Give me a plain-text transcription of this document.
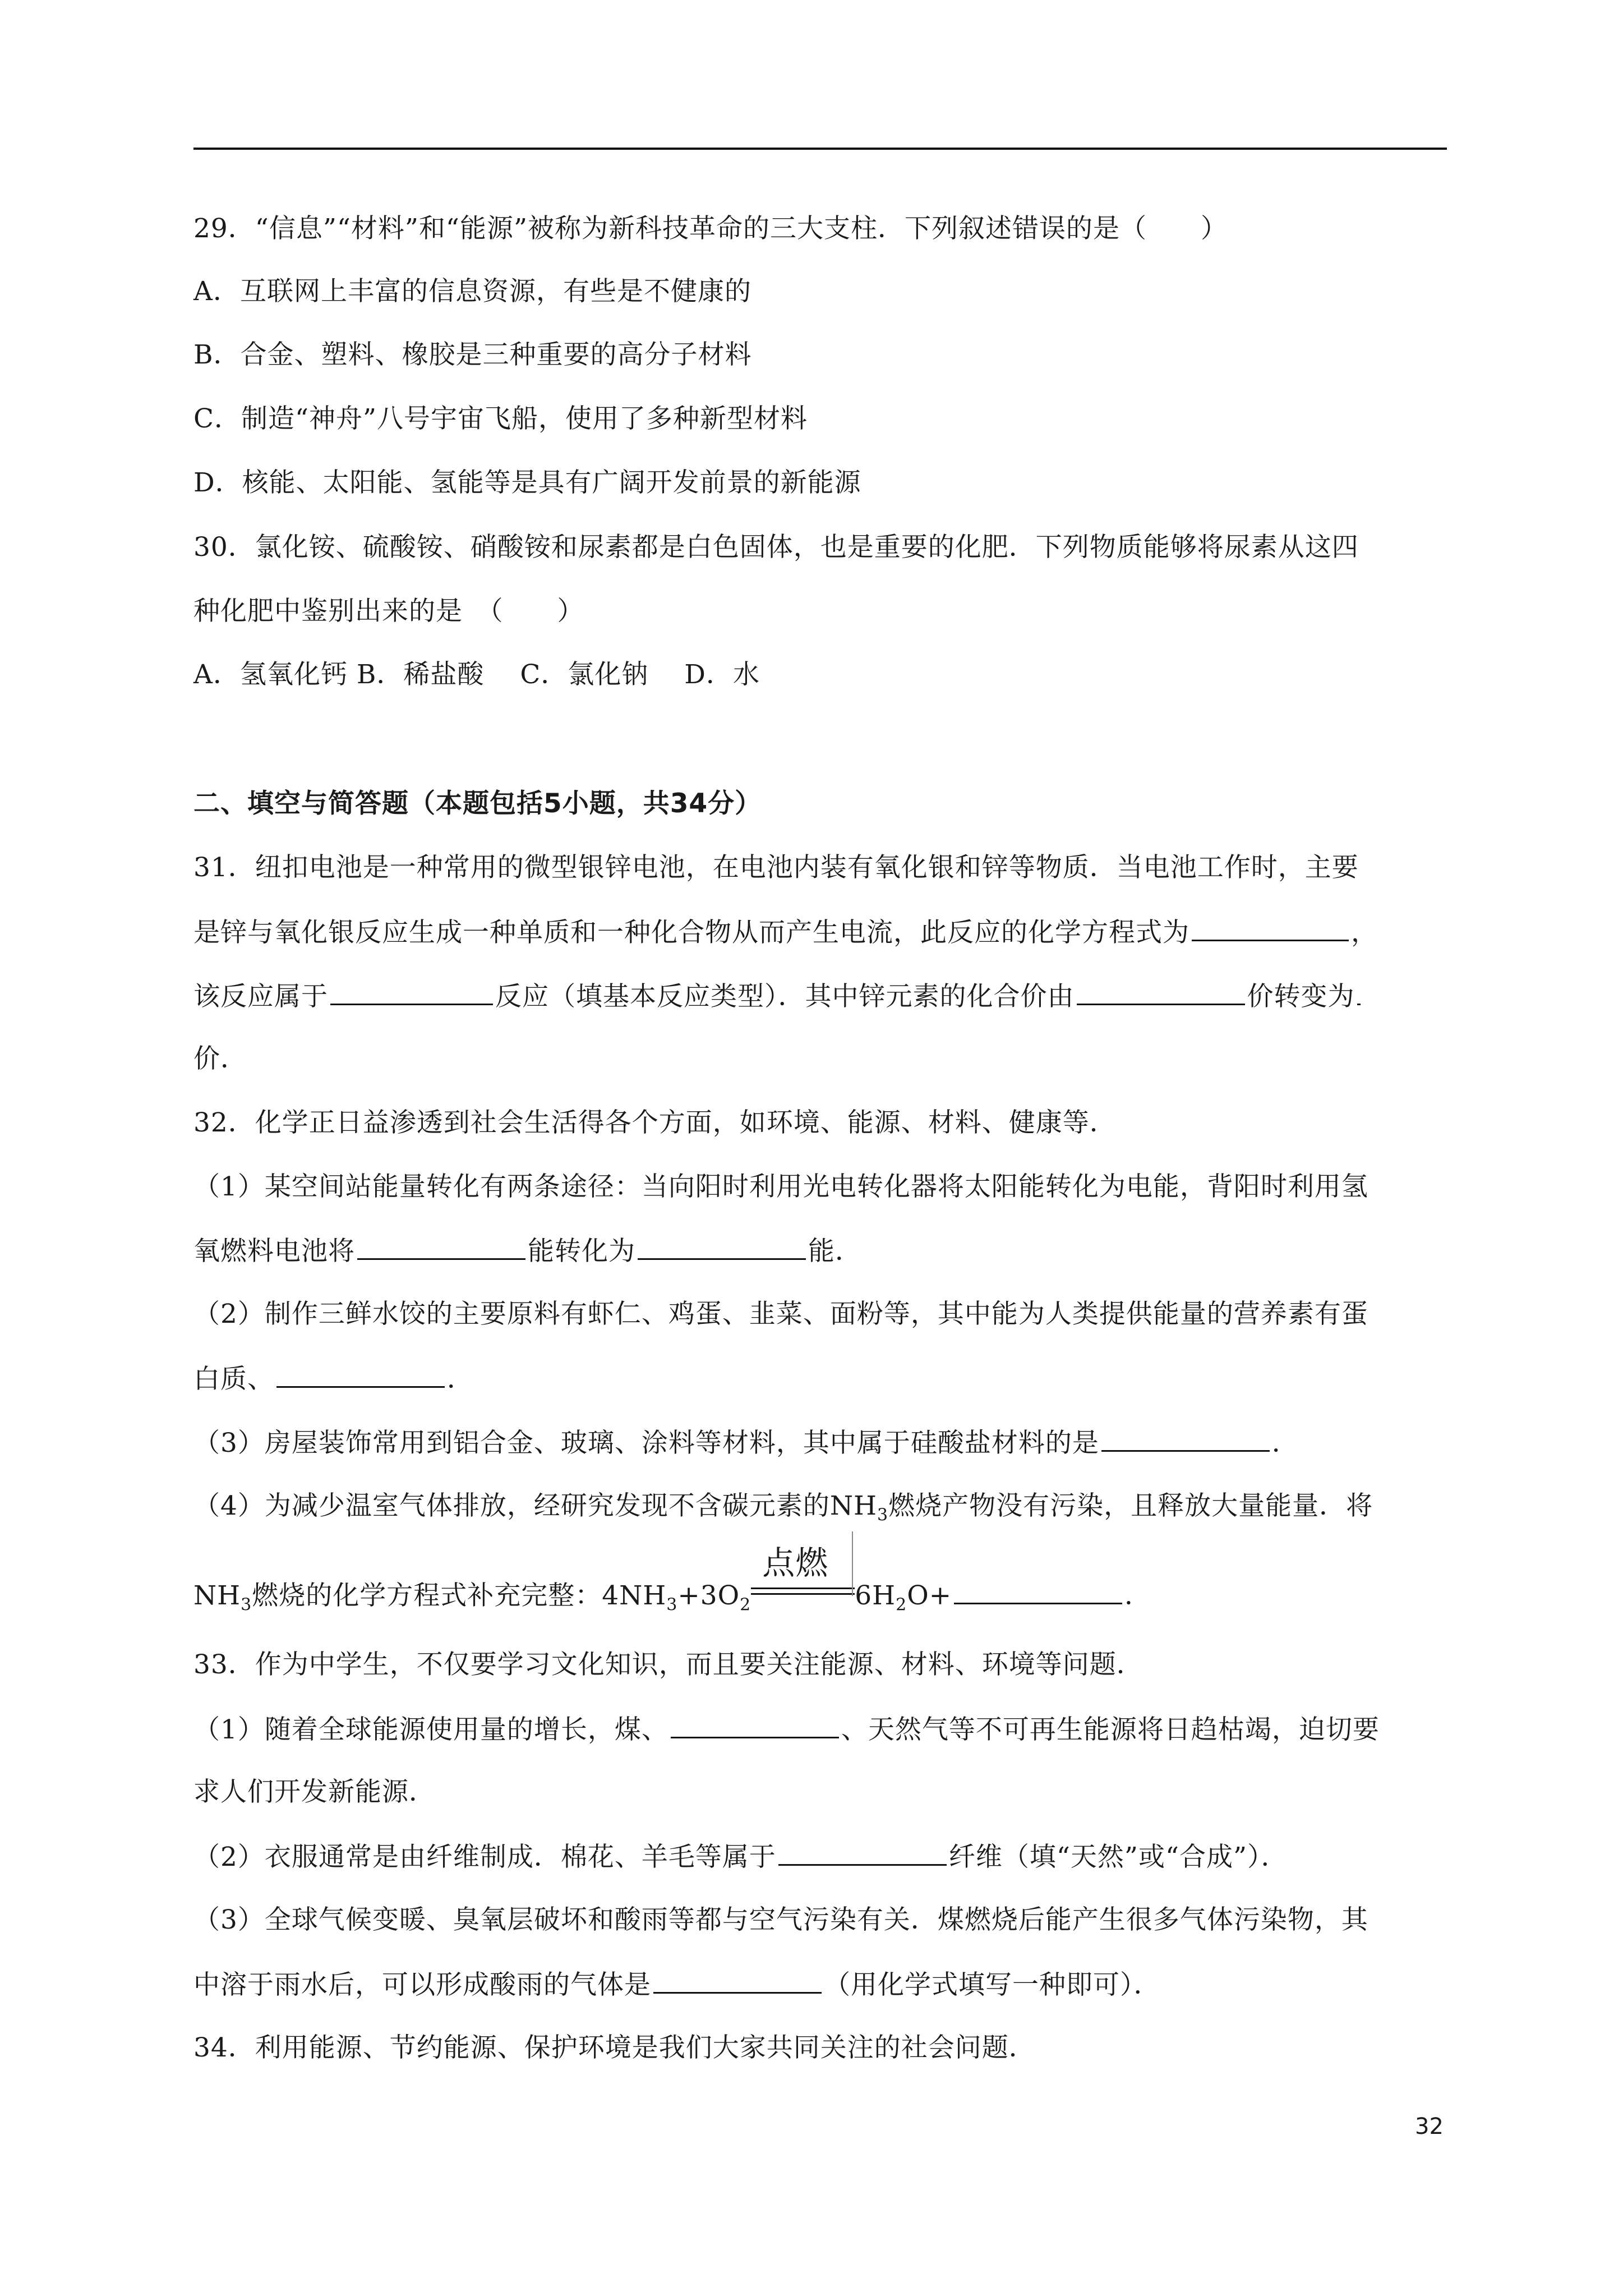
29．“信息”“材料”和“能源”被称为新科技革命的三大支柱．下列叙述错误的是（　　）
A．互联网上丰富的信息资源，有些是不健康的
B．合金、塑料、橡胶是三种重要的高分子材料
C．制造“神舟”八号宇宙飞船，使用了多种新型材料
D．核能、太阳能、氢能等是具有广阔开发前景的新能源
30．氯化铵、硫酸铵、硝酸铵和尿素都是白色固体，也是重要的化肥．下列物质能够将尿素从这四
种化肥中鉴别出来的是　（　　）
A．氢氧化钙 B．稀盐酸　 C．氯化钠　 D．水
二、填空与简答题（本题包括5小题，共34分）
31．纽扣电池是一种常用的微型银锌电池，在电池内装有氧化银和锌等物质．当电池工作时，主要
是锌与氧化银反应生成一种单质和一种化合物从而产生电流，此反应的化学方程式为	，
该反应属于	反应（填基本反应类型）．其中锌元素的化合价由	价转变为
价．
32．化学正日益渗透到社会生活得各个方面，如环境、能源、材料、健康等．
（1）某空间站能量转化有两条途径：当向阳时利用光电转化器将太阳能转化为电能，背阳时利用氢
氧燃料电池将	能转化为	能．
（2）制作三鲜水饺的主要原料有虾仁、鸡蛋、韭菜、面粉等，其中能为人类提供能量的营养素有蛋
白质、	．
（3）房屋装饰常用到铝合金、玻璃、涂料等材料，其中属于硅酸盐材料的是	．
（4）为减少温室气体排放，经研究发现不含碳元素的$NH_3$燃烧产物没有污染，且释放大量能量．将
$NH_3$燃烧的化学方程式补充完整：$4NH_3+3O_2$
点燃
$6H_2O+$	．
33．作为中学生，不仅要学习文化知识，而且要关注能源、材料、环境等问题．
（1）随着全球能源使用量的增长，煤、	、天然气等不可再生能源将日趋枯竭，迫切要
求人们开发新能源．
（2）衣服通常是由纤维制成．棉花、羊毛等属于	纤维（填“天然”或“合成”）．
（3）全球气候变暖、臭氧层破坏和酸雨等都与空气污染有关．煤燃烧后能产生很多气体污染物，其
中溶于雨水后，可以形成酸雨的气体是	（用化学式填写一种即可）．
34．利用能源、节约能源、保护环境是我们大家共同关注的社会问题．
32
